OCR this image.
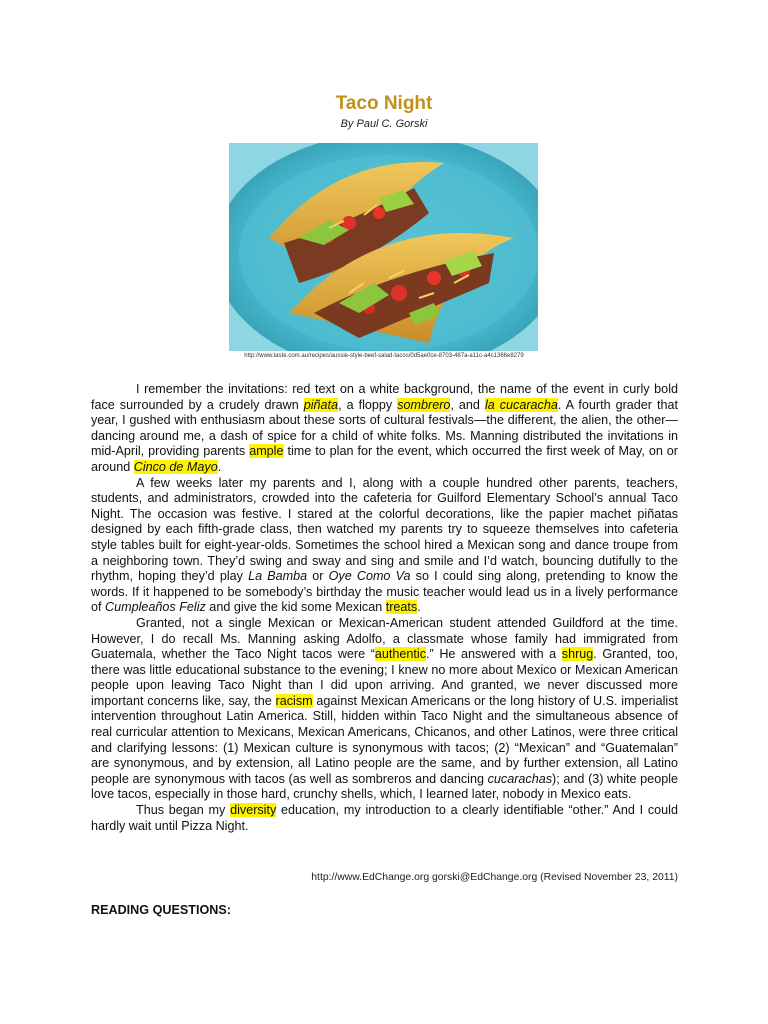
Taco Night
By Paul C. Gorski
http://www.taste.com.au/recipes/aussie-style-beef-salad-tacos/0d5ae0ce-8703-487a-a11c-a4c1366e8279

I remember the invitations: red text on a white background, the name of the event in curly bold face surrounded by a crudely drawn piñata, a floppy sombrero, and la cucaracha. A fourth grader that year, I gushed with enthusiasm about these sorts of cultural festivals—the different, the alien, the other—dancing around me, a dash of spice for a child of white folks. Ms. Manning distributed the invitations in mid-April, providing parents ample time to plan for the event, which occurred the first week of May, on or around Cinco de Mayo.

A few weeks later my parents and I, along with a couple hundred other parents, teachers, students, and administrators, crowded into the cafeteria for Guilford Elementary School’s annual Taco Night. The occasion was festive. I stared at the colorful decorations, like the papier machet piñatas designed by each fifth-grade class, then watched my parents try to squeeze themselves into cafeteria style tables built for eight-year-olds. Sometimes the school hired a Mexican song and dance troupe from a neighboring town. They’d swing and sway and sing and smile and I’d watch, bouncing dutifully to the rhythm, hoping they’d play La Bamba or Oye Como Va so I could sing along, pretending to know the words. If it happened to be somebody’s birthday the music teacher would lead us in a lively performance of Cumpleaños Feliz and give the kid some Mexican treats.

Granted, not a single Mexican or Mexican-American student attended Guildford at the time. However, I do recall Ms. Manning asking Adolfo, a classmate whose family had immigrated from Guatemala, whether the Taco Night tacos were “authentic.” He answered with a shrug. Granted, too, there was little educational substance to the evening; I knew no more about Mexico or Mexican American people upon leaving Taco Night than I did upon arriving. And granted, we never discussed more important concerns like, say, the racism against Mexican Americans or the long history of U.S. imperialist intervention throughout Latin America. Still, hidden within Taco Night and the simultaneous absence of real curricular attention to Mexicans, Mexican Americans, Chicanos, and other Latinos, were three critical and clarifying lessons: (1) Mexican culture is synonymous with tacos; (2) “Mexican” and “Guatemalan” are synonymous, and by extension, all Latino people are the same, and by further extension, all Latino people are synonymous with tacos (as well as sombreros and dancing cucarachas); and (3) white people love tacos, especially in those hard, crunchy shells, which, I learned later, nobody in Mexico eats.

Thus began my diversity education, my introduction to a clearly identifiable “other.” And I could hardly wait until Pizza Night.

http://www.EdChange.org gorski@EdChange.org (Revised November 23, 2011)
READING QUESTIONS:
